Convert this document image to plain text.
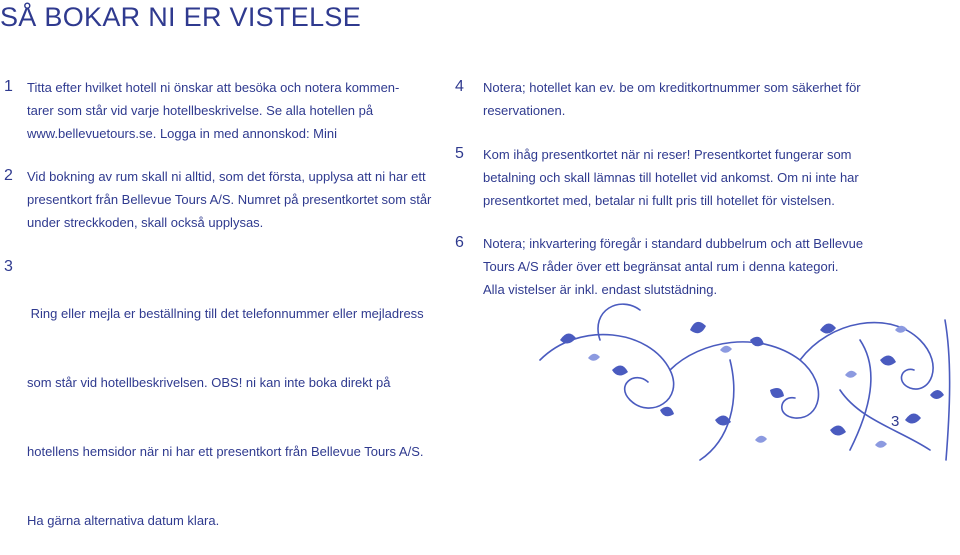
SÅ BOKAR NI ER VISTELSE
1 Titta efter hvilket hotell ni önskar att besöka och notera kommen-
tarer som står vid varje hotellbeskrivelse. Se alla hotellen på
www.bellevuetours.se. Logga in med annonskod: Mini
2 Vid bokning av rum skall ni alltid, som det första, upplysa att ni har ett
presentkort från Bellevue Tours A/S. Numret på presentkortet som står
under streckkoden, skall också upplysas.
3

Ring eller mejla er beställning till det telefonnummer eller mejladress

som står vid hotellbeskrivelsen. OBS! ni kan inte boka direkt på

hotellens hemsidor när ni har ett presentkort från Bellevue Tours A/S.

Ha gärna alternativa datum klara.

4 Notera; hotellet kan ev. be om kreditkortnummer som säkerhet för
reservationen.
5 Kom ihåg presentkortet när ni reser! Presentkortet fungerar som
betalning och skall lämnas till hotellet vid ankomst. Om ni inte har
presentkortet med, betalar ni fullt pris till hotellet för vistelsen.
6 Notera; inkvartering föregår i standard dubbelrum och att Bellevue
Tours A/S råder över ett begränsat antal rum i denna kategori.
Alla vistelser är inkl. endast slutstädning.
3
